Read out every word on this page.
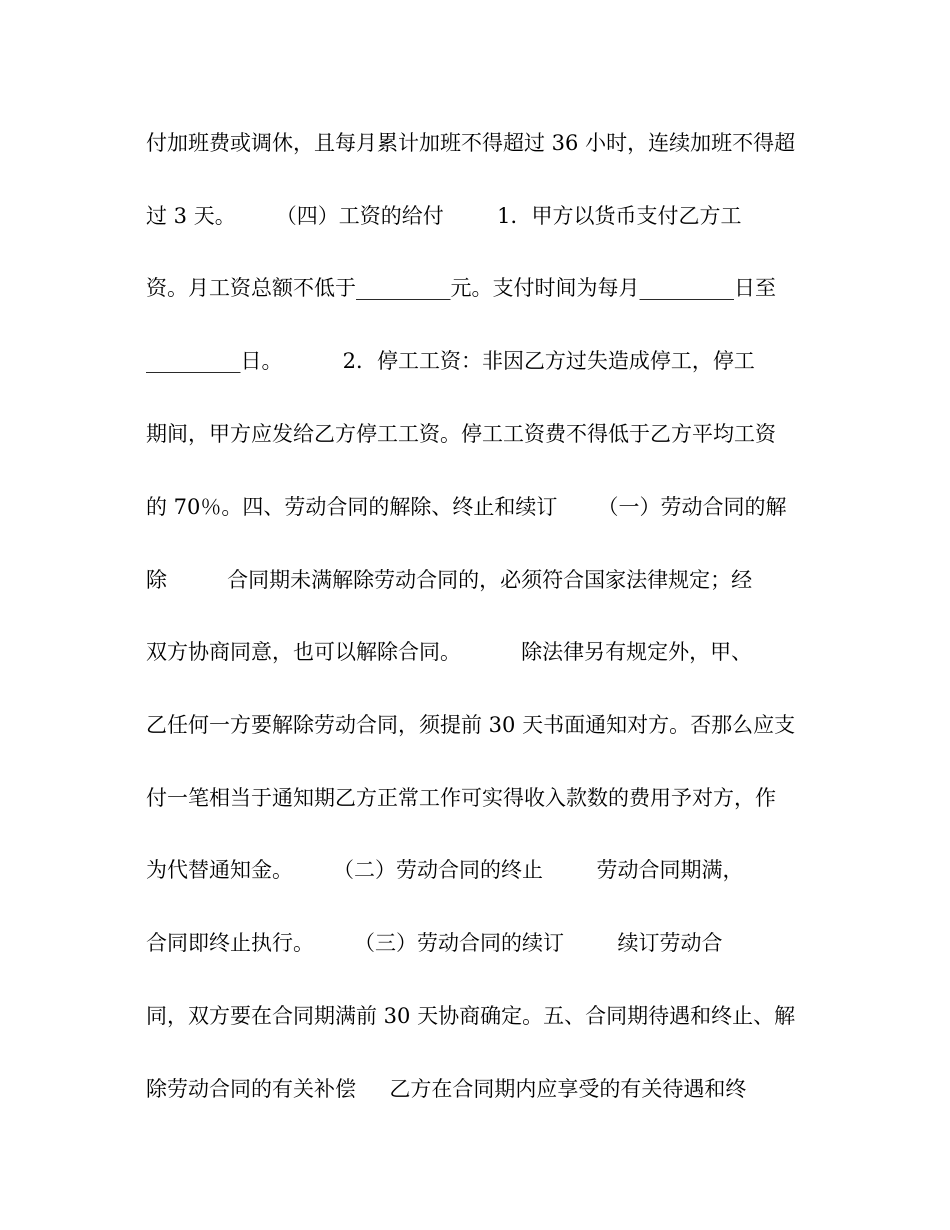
付加班费或调休，且每月累计加班不得超过 36 小时，连续加班不得超
过 3 天。      （四）工资的给付        1．甲方以货币支付乙方工
资。月工资总额不低于_________元。支付时间为每月_________日至
_________日。         2．停工工资：非因乙方过失造成停工，停工
期间，甲方应发给乙方停工工资。停工工资费不得低于乙方平均工资
的 70％。四、劳动合同的解除、终止和续订      （一）劳动合同的解
除         合同期未满解除劳动合同的，必须符合国家法律规定；经
双方协商同意，也可以解除合同。         除法律另有规定外，甲、
乙任何一方要解除劳动合同，须提前 30 天书面通知对方。否那么应支
付一笔相当于通知期乙方正常工作可实得收入款数的费用予对方，作
为代替通知金。      （二）劳动合同的终止        劳动合同期满，
合同即终止执行。      （三）劳动合同的续订        续订劳动合
同，双方要在合同期满前 30 天协商确定。五、合同期待遇和终止、解
除劳动合同的有关补偿     乙方在合同期内应享受的有关待遇和终
